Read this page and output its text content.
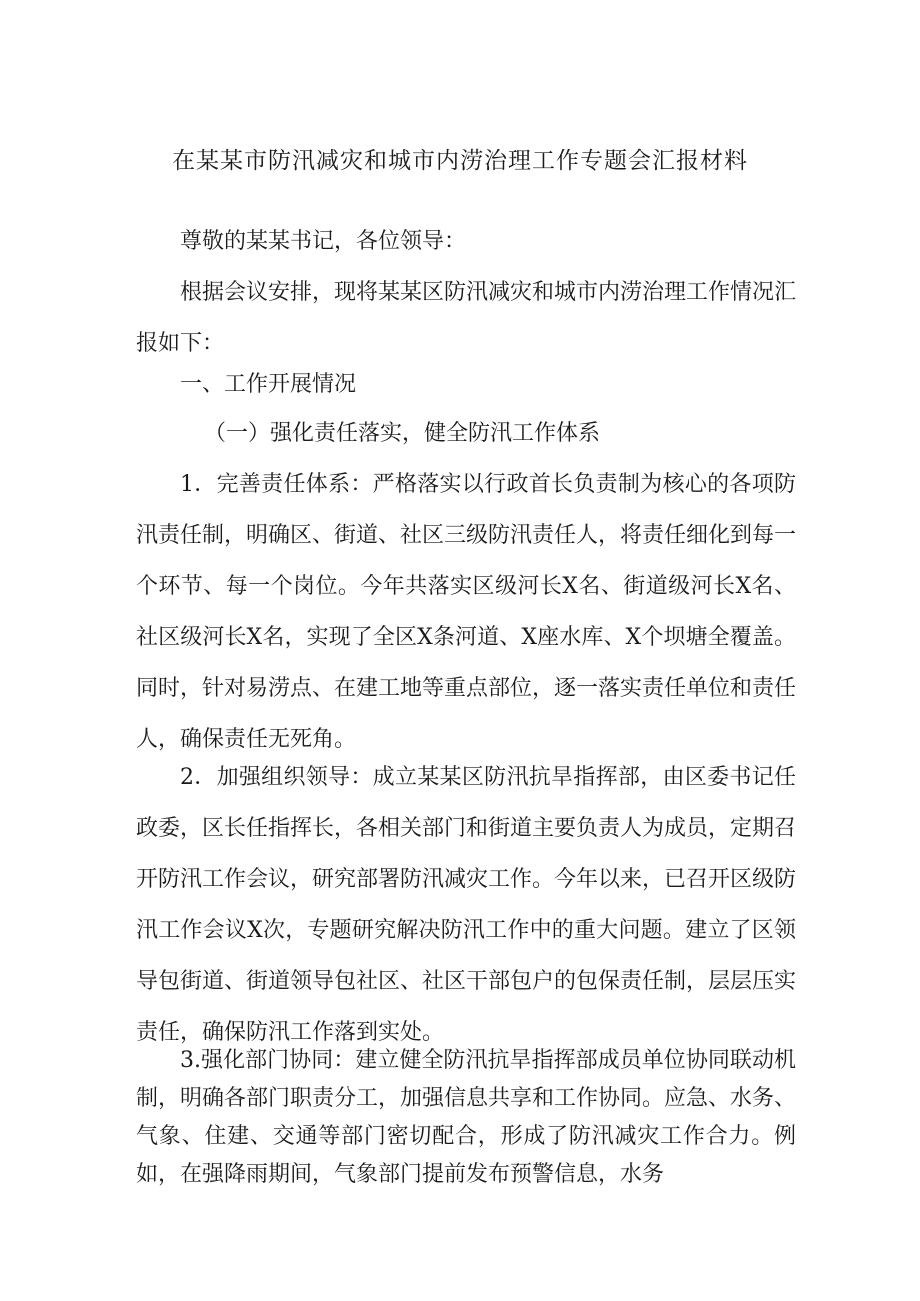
在某某市防汛减灾和城市内涝治理工作专题会汇报材料

尊敬的某某书记，各位领导：

根据会议安排，现将某某区防汛减灾和城市内涝治理工作情况汇报如下：

一、工作开展情况

（一）强化责任落实，健全防汛工作体系

1．完善责任体系：严格落实以行政首长负责制为核心的各项防汛责任制，明确区、街道、社区三级防汛责任人，将责任细化到每一个环节、每一个岗位。今年共落实区级河长X名、街道级河长X名、社区级河长X名，实现了全区X条河道、X座水库、X个坝塘全覆盖。同时，针对易涝点、在建工地等重点部位，逐一落实责任单位和责任人，确保责任无死角。

2．加强组织领导：成立某某区防汛抗旱指挥部，由区委书记任政委，区长任指挥长，各相关部门和街道主要负责人为成员，定期召开防汛工作会议，研究部署防汛减灾工作。今年以来，已召开区级防汛工作会议X次，专题研究解决防汛工作中的重大问题。建立了区领导包街道、街道领导包社区、社区干部包户的包保责任制，层层压实责任，确保防汛工作落到实处。

3.强化部门协同：建立健全防汛抗旱指挥部成员单位协同联动机制，明确各部门职责分工，加强信息共享和工作协同。应急、水务、气象、住建、交通等部门密切配合，形成了防汛减灾工作合力。例如，在强降雨期间，气象部门提前发布预警信息，水务
